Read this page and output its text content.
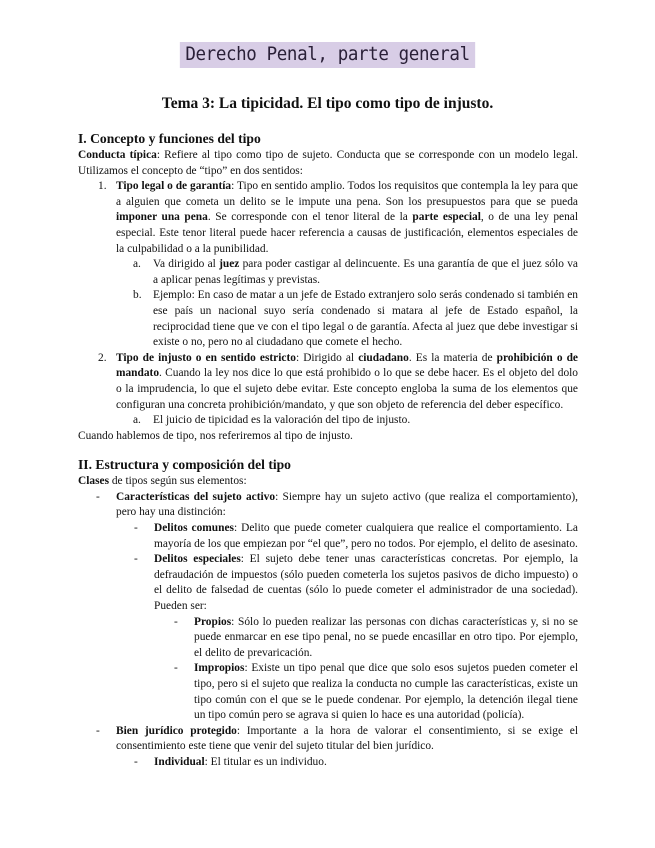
Derecho Penal, parte general
Tema 3: La tipicidad. El tipo como tipo de injusto.
I. Concepto y funciones del tipo

Conducta típica: Refiere al tipo como tipo de sujeto. Conducta que se corresponde con un modelo legal. Utilizamos el concepto de “tipo” en dos sentidos:

1. Tipo legal o de garantía: Tipo en sentido amplio. Todos los requisitos que contempla la ley para que a alguien que cometa un delito se le impute una pena. Son los presupuestos para que se pueda imponer una pena. Se corresponde con el tenor literal de la parte especial, o de una ley penal especial. Este tenor literal puede hacer referencia a causas de justificación, elementos especiales de la culpabilidad o a la punibilidad.
a.	Va dirigido al juez para poder castigar al delincuente. Es una garantía de que el juez sólo va a aplicar penas legítimas y previstas.
b.	Ejemplo: En caso de matar a un jefe de Estado extranjero solo serás condenado si también en ese país un nacional suyo sería condenado si matara al jefe de Estado español, la reciprocidad tiene que ve con el tipo legal o de garantía. Afecta al juez que debe investigar si existe o no, pero no al ciudadano que comete el hecho.
2. Tipo de injusto o en sentido estricto: Dirigido al ciudadano. Es la materia de prohibición o de mandato. Cuando la ley nos dice lo que está prohibido o lo que se debe hacer. Es el objeto del dolo o la imprudencia, lo que el sujeto debe evitar. Este concepto engloba la suma de los elementos que configuran una concreta prohibición/mandato, y que son objeto de referencia del deber específico.
a.	El juicio de tipicidad es la valoración del tipo de injusto.

Cuando hablemos de tipo, nos referiremos al tipo de injusto.

II. Estructura y composición del tipo

Clases de tipos según sus elementos:

-	Características del sujeto activo: Siempre hay un sujeto activo (que realiza el comportamiento), pero hay una distinción:
-	Delitos comunes: Delito que puede cometer cualquiera que realice el comportamiento. La mayoría de los que empiezan por “el que”, pero no todos. Por ejemplo, el delito de asesinato.
-	Delitos especiales: El sujeto debe tener unas características concretas. Por ejemplo, la defraudación de impuestos (sólo pueden cometerla los sujetos pasivos de dicho impuesto) o el delito de falsedad de cuentas (sólo lo puede cometer el administrador de una sociedad). Pueden ser:
-	Propios: Sólo lo pueden realizar las personas con dichas características y, si no se puede enmarcar en ese tipo penal, no se puede encasillar en otro tipo. Por ejemplo, el delito de prevaricación.
-	Impropios: Existe un tipo penal que dice que solo esos sujetos pueden cometer el tipo, pero si el sujeto que realiza la conducta no cumple las características, existe un tipo común con el que se le puede condenar. Por ejemplo, la detención ilegal tiene un tipo común pero se agrava si quien lo hace es una autoridad (policía).
-	Bien jurídico protegido: Importante a la hora de valorar el consentimiento, si se exige el consentimiento este tiene que venir del sujeto titular del bien jurídico.
-	Individual: El titular es un individuo.
